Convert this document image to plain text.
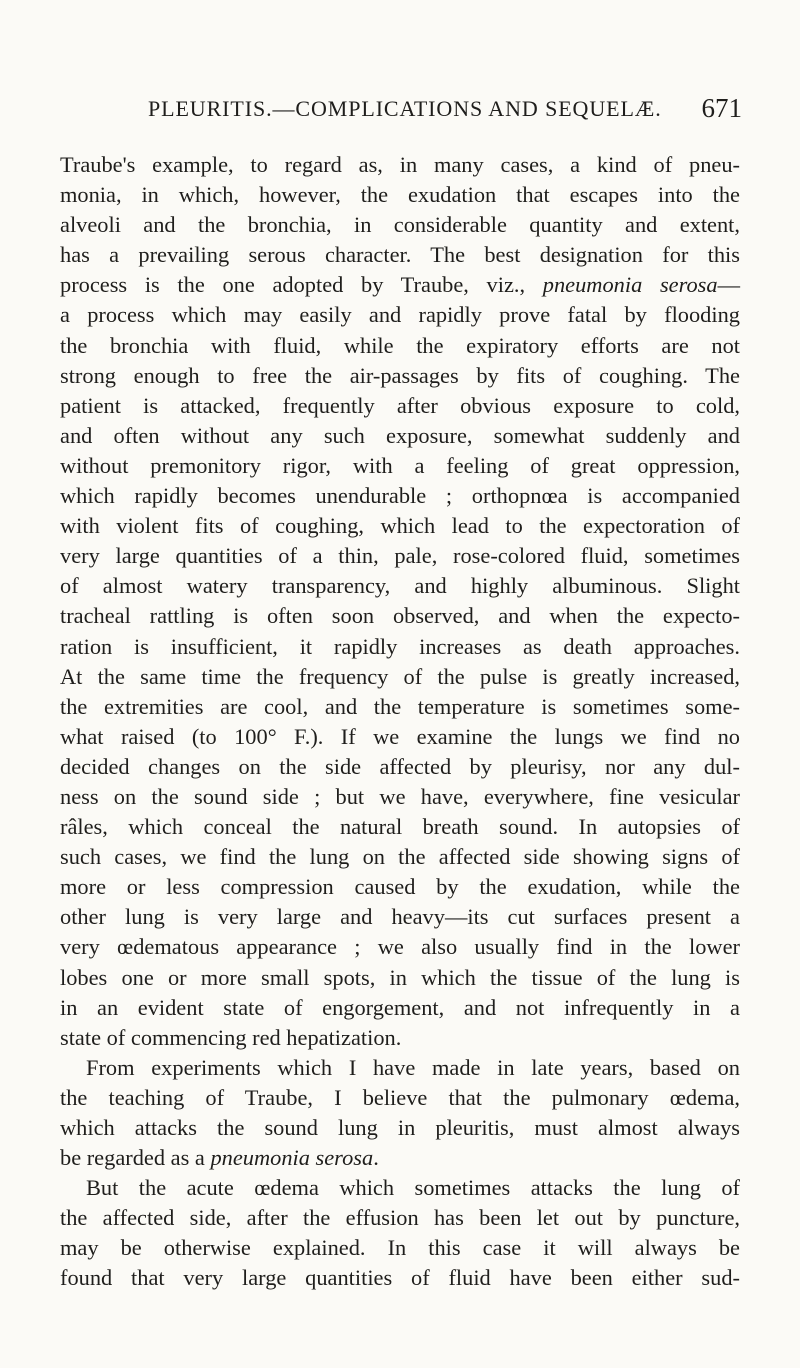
PLEURITIS.—COMPLICATIONS AND SEQUELÆ. 671
Traube's example, to regard as, in many cases, a kind of pneu-
monia, in which, however, the exudation that escapes into the
alveoli and the bronchia, in considerable quantity and extent,
has a prevailing serous character. The best designation for this
process is the one adopted by Traube, viz., pneumonia serosa—
a process which may easily and rapidly prove fatal by flooding
the bronchia with fluid, while the expiratory efforts are not
strong enough to free the air-passages by fits of coughing. The
patient is attacked, frequently after obvious exposure to cold,
and often without any such exposure, somewhat suddenly and
without premonitory rigor, with a feeling of great oppression,
which rapidly becomes unendurable ; orthopnœa is accompanied
with violent fits of coughing, which lead to the expectoration of
very large quantities of a thin, pale, rose-colored fluid, sometimes
of almost watery transparency, and highly albuminous. Slight
tracheal rattling is often soon observed, and when the expecto-
ration is insufficient, it rapidly increases as death approaches.
At the same time the frequency of the pulse is greatly increased,
the extremities are cool, and the temperature is sometimes some-
what raised (to 100° F.). If we examine the lungs we find no
decided changes on the side affected by pleurisy, nor any dul-
ness on the sound side ; but we have, everywhere, fine vesicular
râles, which conceal the natural breath sound. In autopsies of
such cases, we find the lung on the affected side showing signs of
more or less compression caused by the exudation, while the
other lung is very large and heavy—its cut surfaces present a
very œdematous appearance ; we also usually find in the lower
lobes one or more small spots, in which the tissue of the lung is
in an evident state of engorgement, and not infrequently in a
state of commencing red hepatization.
From experiments which I have made in late years, based on
the teaching of Traube, I believe that the pulmonary œdema,
which attacks the sound lung in pleuritis, must almost always
be regarded as a pneumonia serosa.
But the acute œdema which sometimes attacks the lung of
the affected side, after the effusion has been let out by puncture,
may be otherwise explained. In this case it will always be
found that very large quantities of fluid have been either sud-
